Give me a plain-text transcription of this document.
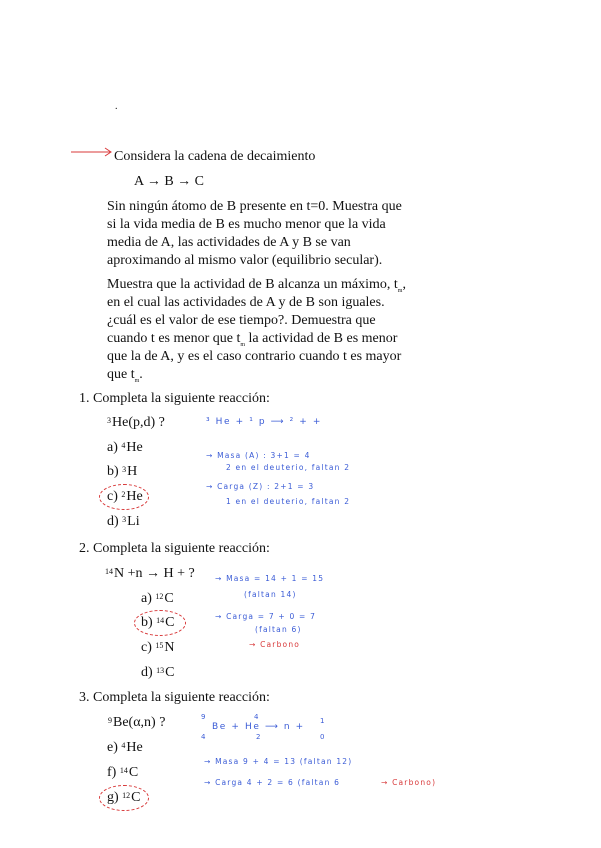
.
Considera la cadena de decaimiento
A → B → C
Sin ningún átomo de B presente en t=0. Muestra que
si la vida media de B es mucho menor que la vida
media de A, las actividades de A y B se van
aproximando al mismo valor (equilibrio secular).
Muestra que la actividad de B alcanza un máximo, $t_m$,
en el cual las actividades de A y de B son iguales.
¿cuál es el valor de ese tiempo?. Demuestra que
cuando t es menor que $t_m$ la actividad de B es menor
que la de A, y es el caso contrario cuando t es mayor
que $t_m$.
1. Completa la siguiente reacción:
$^3$He(p,d) ?
a) $^4$He
b) $^3$H
c) $^2$He
d) $^3$Li
³ He + ¹ p ⟶ ² + +
→ Masa (A) : 3+1 = 4
2 en el deuterio, faltan 2
→ Carga (Z) : 2+1 = 3
1 en el deuterio, faltan 2
2. Completa la siguiente reacción:
$^{14}$N +n → H + ?
a) $^{12}$C
b) $^{14}$C
c) $^{15}$N
d) $^{13}$C
→ Masa = 14 + 1 = 15
(faltan 14)
→ Carga = 7 + 0 = 7
(faltan 6)
→ Carbono
3. Completa la siguiente reacción:
$^9$Be(α,n) ?
e) $^4$He
f) $^{14}$C
g) $^{12}$C
9
4
4
2
1
0
Be + He ⟶ n +
→ Masa 9 + 4 = 13 (faltan 12)
→ Carga 4 + 2 = 6 (faltan 6	→ Carbono)
